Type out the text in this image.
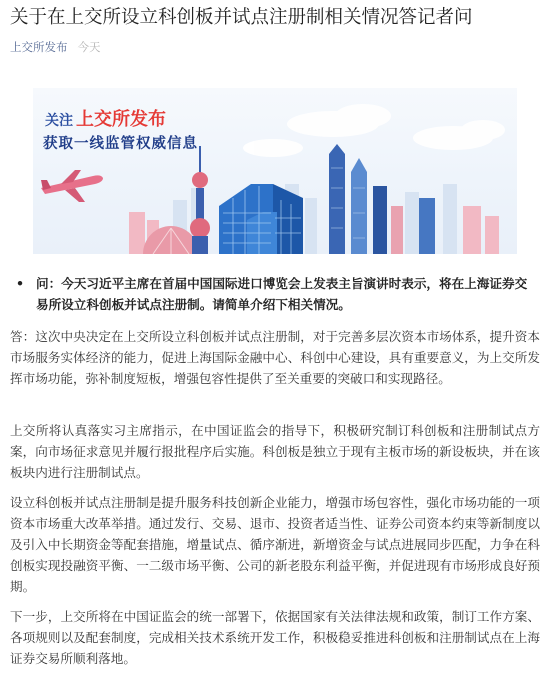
关于在上交所设立科创板并试点注册制相关情况答记者问
上交所发布 今天
关注 上交所发布
获取一线监管权威信息
• 问：今天习近平主席在首届中国国际进口博览会上发表主旨演讲时表示，将在上海证券交易所设立科创板并试点注册制。请简单介绍下相关情况。
答：这次中央决定在上交所设立科创板并试点注册制，对于完善多层次资本市场体系，提升资本市场服务实体经济的能力，促进上海国际金融中心、科创中心建设，具有重要意义，为上交所发挥市场功能，弥补制度短板，增强包容性提供了至关重要的突破口和实现路径。
上交所将认真落实习主席指示，在中国证监会的指导下，积极研究制订科创板和注册制试点方案，向市场征求意见并履行报批程序后实施。科创板是独立于现有主板市场的新设板块，并在该板块内进行注册制试点。
设立科创板并试点注册制是提升服务科技创新企业能力，增强市场包容性，强化市场功能的一项资本市场重大改革举措。通过发行、交易、退市、投资者适当性、证券公司资本约束等新制度以及引入中长期资金等配套措施，增量试点、循序渐进，新增资金与试点进展同步匹配，力争在科创板实现投融资平衡、一二级市场平衡、公司的新老股东利益平衡，并促进现有市场形成良好预期。
下一步，上交所将在中国证监会的统一部署下，依据国家有关法律法规和政策，制订工作方案、各项规则以及配套制度，完成相关技术系统开发工作，积极稳妥推进科创板和注册制试点在上海证券交易所顺利落地。
